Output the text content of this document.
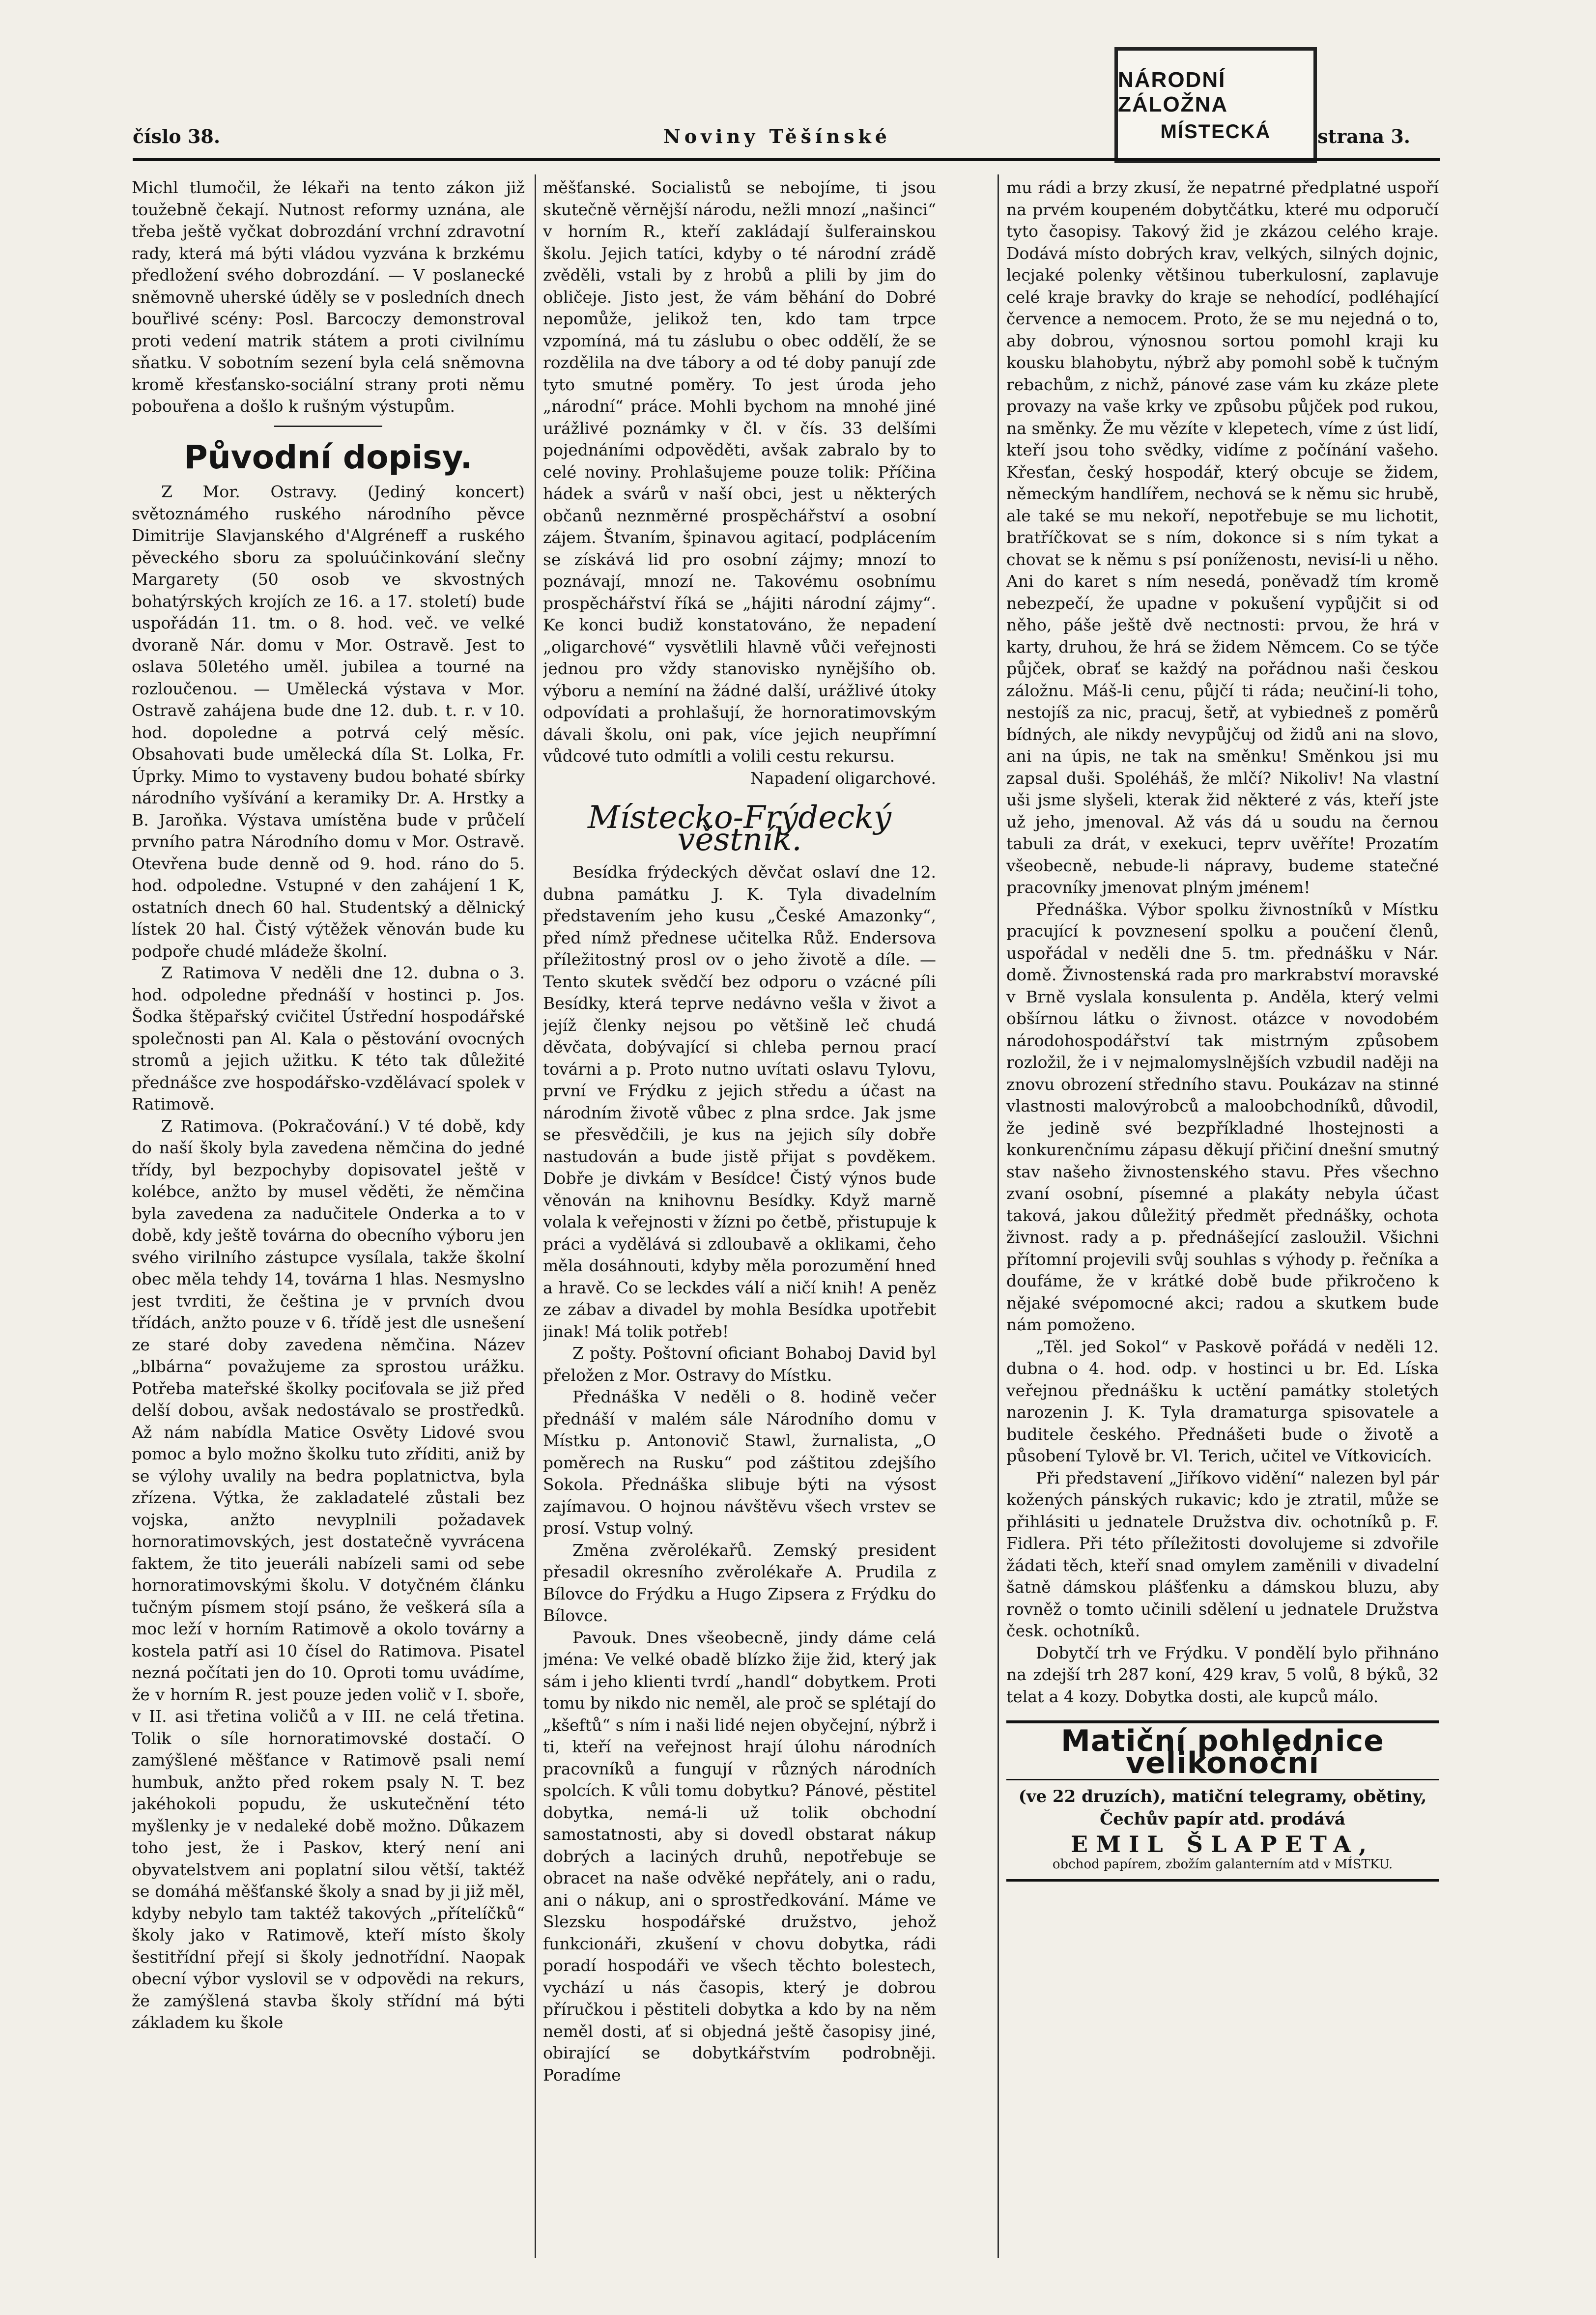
NÁRODNÍ ZÁLOŽNA
MÍSTECKÁ
číslo 38.	Noviny Těšínské	strana 3.

Michl tlumočil, že lékaři na tento zákon již toužebně čekají. Nutnost reformy uznána, ale třeba ještě vyčkat dobrozdání vrchní zdravotní rady, která má býti vládou vyzvána k brzkému předložení svého dobrozdání. — V poslanecké sněmovně uherské úděly se v posledních dnech bouřlivé scény: Posl. Barcoczy demonstroval proti vedení matrik státem a proti civilnímu sňatku. V sobotním sezení byla celá sněmovna kromě křesťansko-sociální strany proti němu pobouřena a došlo k rušným výstupům.

Původní dopisy.

Z Mor. Ostravy. (Jediný koncert) světoznámého ruského národního pěvce Dimitrije Slavjanského d'Algréneff a ruského pěveckého sboru za spoluúčinkování slečny Margarety (50 osob ve skvostných bohatýrských krojích ze 16. a 17. století) bude uspořádán 11. tm. o 8. hod. več. ve velké dvoraně Nár. domu v Mor. Ostravě. Jest to oslava 50letého uměl. jubilea a tourné na rozloučenou. — Umělecká výstava v Mor. Ostravě zahájena bude dne 12. dub. t. r. v 10. hod. dopoledne a potrvá celý měsíc. Obsahovati bude umělecká díla St. Lolka, Fr. Úprky. Mimo to vystaveny budou bohaté sbírky národního vyšívání a keramiky Dr. A. Hrstky a B. Jaroňka. Výstava umístěna bude v průčelí prvního patra Národního domu v Mor. Ostravě. Otevřena bude denně od 9. hod. ráno do 5. hod. odpoledne. Vstupné v den zahájení 1 K, ostatních dnech 60 hal. Studentský a dělnický lístek 20 hal. Čistý výtěžek věnován bude ku podpoře chudé mládeže školní.

Z Ratimova V neděli dne 12. dubna o 3. hod. odpoledne přednáší v hostinci p. Jos. Šodka štěpařský cvičitel Ústřední hospodářské společnosti pan Al. Kala o pěstování ovocných stromů a jejich užitku. K této tak důležité přednášce zve hospodářsko-vzdělávací spolek v Ratimově.

Z Ratimova. (Pokračování.) V té době, kdy do naší školy byla zavedena němčina do jedné třídy, byl bezpochyby dopisovatel ještě v kolébce, anžto by musel věděti, že němčina byla zavedena za nadučitele Onderka a to v době, kdy ještě továrna do obecního výboru jen svého virilního zástupce vysílala, takže školní obec měla tehdy 14, továrna 1 hlas. Nesmyslno jest tvrditi, že čeština je v prvních dvou třídách, anžto pouze v 6. třídě jest dle usnešení ze staré doby zavedena němčina. Název „blbárna“ považujeme za sprostou urážku. Potřeba mateřské školky pociťovala se již před delší dobou, avšak nedostávalo se prostředků. Až nám nabídla Matice Osvěty Lidové svou pomoc a bylo možno školku tuto zříditi, aniž by se výlohy uvalily na bedra poplatnictva, byla zřízena. Výtka, že zakladatelé zůstali bez vojska, anžto nevyplnili požadavek hornoratimovských, jest dostatečně vyvrácena faktem, že tito jeueráli nabízeli sami od sebe hornoratimovskými školu. V dotyčném článku tučným písmem stojí psáno, že veškerá síla a moc leží v horním Ratimově a okolo továrny a kostela patří asi 10 čísel do Ratimova. Pisatel nezná počítati jen do 10. Oproti tomu uvádíme, že v horním R. jest pouze jeden volič v I. sboře, v II. asi třetina voličů a v III. ne celá třetina. Tolik o síle hornoratimovské dostačí. O zamýšlené měšťance v Ratimově psali nemí humbuk, anžto před rokem psaly N. T. bez jakéhokoli popudu, že uskutečnění této myšlenky je v nedaleké době možno. Důkazem toho jest, že i Paskov, který není ani obyvatelstvem ani poplatní silou větší, taktéž se domáhá měšťanské školy a snad by ji již měl, kdyby nebylo tam taktéž takových „přítelíčků“ školy jako v Ratimově, kteří místo školy šestitřídní přejí si školy jednotřídní. Naopak obecní výbor vyslovil se v odpovědi na rekurs, že zamýšlená stavba školy střídní má býti základem ku škole

měšťanské. Socialistů se nebojíme, ti jsou skutečně věrnější národu, nežli mnozí „našinci“ v horním R., kteří zakládají šulferainskou školu. Jejich tatíci, kdyby o té národní zrádě zvěděli, vstali by z hrobů a plili by jim do obličeje. Jisto jest, že vám běhání do Dobré nepomůže, jelikož ten, kdo tam trpce vzpomíná, má tu záslubu o obec oddělí, že se rozdělila na dve tábory a od té doby panují zde tyto smutné poměry. To jest úroda jeho „národní“ práce. Mohli bychom na mnohé jiné urážlivé poznámky v čl. v čís. 33 delšími pojednáními odpověděti, avšak zabralo by to celé noviny. Prohlašujeme pouze tolik: Příčina hádek a svárů v naší obci, jest u některých občanů neznměrné prospěchářství a osobní zájem. Štvaním, špinavou agitací, podplácením se získává lid pro osobní zájmy; mnozí to poznávají, mnozí ne. Takovému osobnímu prospěchářství říká se „hájiti národní zájmy“. Ke konci budiž konstatováno, že nepadení „oligarchové“ vysvětlili hlavně vůči veřejnosti jednou pro vždy stanovisko nynějšího ob. výboru a nemíní na žádné další, urážlivé útoky odpovídati a prohlašují, že hornoratimovským dávali školu, oni pak, více jejich neupřímní vůdcové tuto odmítli a volili cestu rekursu.

Napadení oligarchové.

Místecko-Frýdecký věstník.

Besídka frýdeckých děvčat oslaví dne 12. dubna památku J. K. Tyla divadelním představením jeho kusu „České Amazonky“, před nímž přednese učitelka Růž. Endersova příležitostný prosl ov o jeho životě a díle. — Tento skutek svědčí bez odporu o vzácné píli Besídky, která teprve nedávno vešla v život a jejíž členky nejsou po většině leč chudá děvčata, dobývající si chleba pernou prací továrni a p. Proto nutno uvítati oslavu Tylovu, první ve Frýdku z jejich středu a účast na národním životě vůbec z plna srdce. Jak jsme se přesvědčili, je kus na jejich síly dobře nastudován a bude jistě přijat s povděkem. Dobře je divkám v Besídce! Čistý výnos bude věnován na knihovnu Besídky. Když marně volala k veřejnosti v žízni po četbě, přistupuje k práci a vydělává si zdloubavě a oklikami, čeho měla dosáhnouti, kdyby měla porozumění hned a hravě. Co se leckdes válí a ničí knih! A peněz ze zábav a divadel by mohla Besídka upotřebit jinak! Má tolik potřeb!

Z pošty. Poštovní oficiant Bohaboj David byl přeložen z Mor. Ostravy do Místku.

Přednáška V neděli o 8. hodině večer přednáší v malém sále Národního domu v Místku p. Antonovič Stawl, žurnalista, „O poměrech na Rusku“ pod záštitou zdejšího Sokola. Přednáška slibuje býti na výsost zajímavou. O hojnou návštěvu všech vrstev se prosí. Vstup volný.

Změna zvěrolékařů. Zemský president přesadil okresního zvěrolékaře A. Prudila z Bílovce do Frýdku a Hugo Zipsera z Frýdku do Bílovce.

Pavouk. Dnes všeobecně, jindy dáme celá jména: Ve velké obadě blízko žije žid, který jak sám i jeho klienti tvrdí „handl“ dobytkem. Proti tomu by nikdo nic neměl, ale proč se splétají do „kšeftů“ s ním i naši lidé nejen obyčejní, nýbrž i ti, kteří na veřejnost hrají úlohu národních pracovníků a fungují v různých národních spolcích. K vůli tomu dobytku? Pánové, pěstitel dobytka, nemá-li už tolik obchodní samostatnosti, aby si dovedl obstarat nákup dobrých a laciných druhů, nepotřebuje se obracet na naše odvěké nepřátely, ani o radu, ani o nákup, ani o sprostředkování. Máme ve Slezsku hospodářské družstvo, jehož funkcionáři, zkušení v chovu dobytka, rádi poradí hospodáři ve všech těchto bolestech, vychází u nás časopis, který je dobrou příručkou i pěstiteli dobytka a kdo by na něm neměl dosti, ať si objedná ještě časopisy jiné, obirající se dobytkářstvím podrobněji. Poradíme

mu rádi a brzy zkusí, že nepatrné předplatné uspoří na prvém koupeném dobytčátku, které mu odporučí tyto časopisy. Takový žid je zkázou celého kraje. Dodává místo dobrých krav, velkých, silných dojnic, lecjaké polenky většinou tuberkulosní, zaplavuje celé kraje bravky do kraje se nehodící, podléhající července a nemocem. Proto, že se mu nejedná o to, aby dobrou, výnosnou sortou pomohl kraji ku kousku blahobytu, nýbrž aby pomohl sobě k tučným rebachům, z nichž, pánové zase vám ku zkáze plete provazy na vaše krky ve způsobu půjček pod rukou, na směnky. Že mu vězíte v klepetech, víme z úst lidí, kteří jsou toho svědky, vidíme z počínání vašeho. Křesťan, český hospodář, který obcuje se židem, německým handlířem, nechová se k němu sic hrubě, ale také se mu nekoří, nepotřebuje se mu lichotit, bratříčkovat se s ním, dokonce si s ním tykat a chovat se k němu s psí poníženostı, nevisí-li u něho. Ani do karet s ním nesedá, poněvadž tím kromě nebezpečí, že upadne v pokušení vypůjčit si od něho, páše ještě dvě nectnosti: prvou, že hrá v karty, druhou, že hrá se židem Němcem. Co se týče půjček, obrať se každý na pořádnou naši českou záložnu. Máš-li cenu, půjčí ti ráda; neučiní-li toho, nestojíš za nic, pracuj, šetř, at vybiedneš z poměrů bídných, ale nikdy nevypůjčuj od židů ani na slovo, ani na úpis, ne tak na směnku! Směnkou jsi mu zapsal duši. Spoléháš, že mlčí? Nikoliv! Na vlastní uši jsme slyšeli, kterak žid některé z vás, kteří jste už jeho, jmenoval. Až vás dá u soudu na černou tabuli za drát, v exekuci, teprv uvěříte! Prozatím všeobecně, nebude-li nápravy, budeme statečné pracovníky jmenovat plným jménem!

Přednáška. Výbor spolku živnostníků v Místku pracující k povznesení spolku a poučení členů, uspořádal v neděli dne 5. tm. přednášku v Nár. domě. Živnostenská rada pro markrabství moravské v Brně vyslala konsulenta p. Anděla, který velmi obšírnou látku o živnost. otázce v novodobém národohospodářství tak mistrným způsobem rozložil, že i v nejmalomyslnějších vzbudil naději na znovu obrození středního stavu. Poukázav na stinné vlastnosti malovýrobců a maloobchodníků, důvodil, že jedině své bezpříkladné lhostejnosti a konkurenčnímu zápasu děkují přičiní dnešní smutný stav našeho živnostenského stavu. Přes všechno zvaní osobní, písemné a plakáty nebyla účast taková, jakou důležitý předmět přednášky, ochota živnost. rady a p. přednášející zasloužil. Všichni přítomní projevili svůj souhlas s výhody p. řečníka a doufáme, že v krátké době bude přikročeno k nějaké svépomocné akci; radou a skutkem bude nám pomoženo.

„Těl. jed Sokol“ v Paskově pořádá v neděli 12. dubna o 4. hod. odp. v hostinci u br. Ed. Líska veřejnou přednášku k uctění památky stoletých narozenin J. K. Tyla dramaturga spisovatele a buditele českého. Přednášeti bude o životě a působení Tylově br. Vl. Terich, učitel ve Vítkovicích.

Při představení „Jiříkovo vidění“ nalezen byl pár kožených pánských rukavic; kdo je ztratil, může se přihlásiti u jednatele Družstva div. ochotníků p. F. Fidlera. Při této příležitosti dovolujeme si zdvořile žádati těch, kteří snad omylem zaměnili v divadelní šatně dámskou plášťenku a dámskou bluzu, aby rovněž o tomto učinili sdělení u jednatele Družstva česk. ochotníků.

Dobytčí trh ve Frýdku. V pondělí bylo přihnáno na zdejší trh 287 koní, 429 krav, 5 volů, 8 býků, 32 telat a 4 kozy. Dobytka dosti, ale kupců málo.

Matiční pohlednice velikonoční
(ve 22 druzích), matiční telegramy, obětiny, Čechův papír atd. prodává
EMIL ŠLAPETA,
obchod papírem, zbožím galanterním atd v MÍSTKU.
